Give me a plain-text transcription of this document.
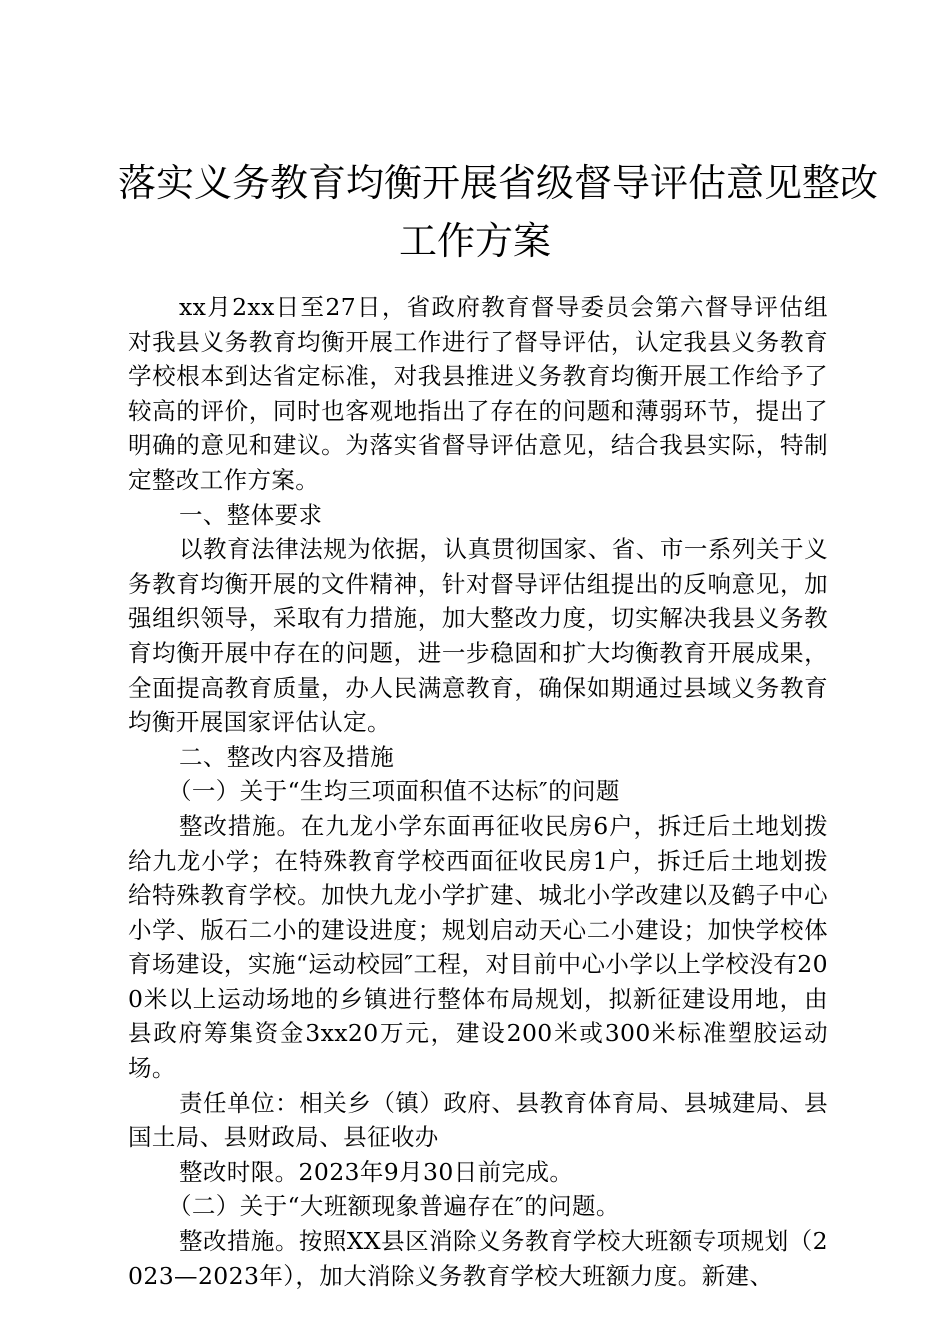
落实义务教育均衡开展省级督导评估意见整改
工作方案

xx月2xx日至27日，省政府教育督导委员会第六督导评估组对我县义务教育均衡开展工作进行了督导评估，认定我县义务教育学校根本到达省定标准，对我县推进义务教育均衡开展工作给予了较高的评价，同时也客观地指出了存在的问题和薄弱环节，提出了明确的意见和建议。为落实省督导评估意见，结合我县实际，特制定整改工作方案。

一、整体要求

以教育法律法规为依据，认真贯彻国家、省、市一系列关于义务教育均衡开展的文件精神，针对督导评估组提出的反响意见，加强组织领导，采取有力措施，加大整改力度，切实解决我县义务教育均衡开展中存在的问题，进一步稳固和扩大均衡教育开展成果，全面提高教育质量，办人民满意教育，确保如期通过县域义务教育均衡开展国家评估认定。

二、整改内容及措施

（一）关于“生均三项面积值不达标″的问题

整改措施。在九龙小学东面再征收民房6户，拆迁后土地划拨给九龙小学；在特殊教育学校西面征收民房1户，拆迁后土地划拨给特殊教育学校。加快九龙小学扩建、城北小学改建以及鹤子中心小学、版石二小的建设进度；规划启动天心二小建设；加快学校体育场建设，实施“运动校园″工程，对目前中心小学以上学校没有200米以上运动场地的乡镇进行整体布局规划，拟新征建设用地，由县政府筹集资金3xx20万元，建设200米或300米标准塑胶运动场。

责任单位：相关乡（镇）政府、县教育体育局、县城建局、县国土局、县财政局、县征收办

整改时限。2023年9月30日前完成。

（二）关于“大班额现象普遍存在″的问题。

整改措施。按照XX县区消除义务教育学校大班额专项规划（2023—2023年），加大消除义务教育学校大班额力度。新建、
